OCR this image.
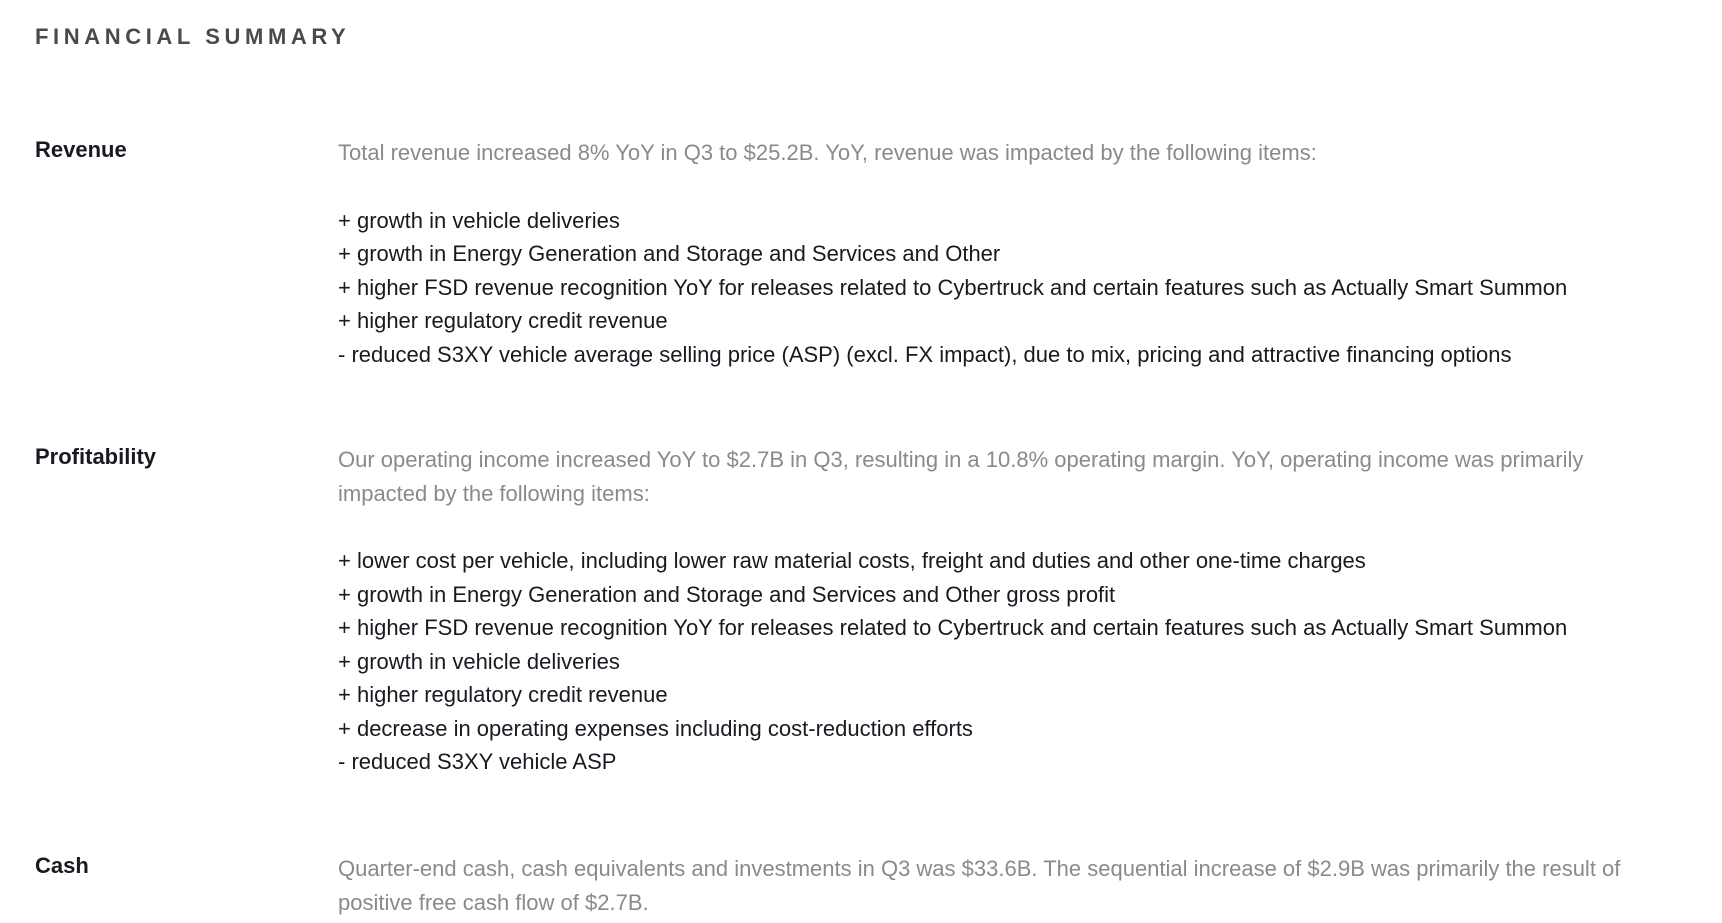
FINANCIAL SUMMARY
Revenue	Total revenue increased 8% YoY in Q3 to $25.2B. YoY, revenue was impacted by the following items:

+ growth in vehicle deliveries
+ growth in Energy Generation and Storage and Services and Other
+ higher FSD revenue recognition YoY for releases related to Cybertruck and certain features such as Actually Smart Summon
+ higher regulatory credit revenue
- reduced S3XY vehicle average selling price (ASP) (excl. FX impact), due to mix, pricing and attractive financing options
Profitability	Our operating income increased YoY to $2.7B in Q3, resulting in a 10.8% operating margin. YoY, operating income was primarily impacted by the following items:

+ lower cost per vehicle, including lower raw material costs, freight and duties and other one-time charges
+ growth in Energy Generation and Storage and Services and Other gross profit
+ higher FSD revenue recognition YoY for releases related to Cybertruck and certain features such as Actually Smart Summon
+ growth in vehicle deliveries
+ higher regulatory credit revenue
+ decrease in operating expenses including cost-reduction efforts
- reduced S3XY vehicle ASP
Cash	Quarter-end cash, cash equivalents and investments in Q3 was $33.6B. The sequential increase of $2.9B was primarily the result of positive free cash flow of $2.7B.
